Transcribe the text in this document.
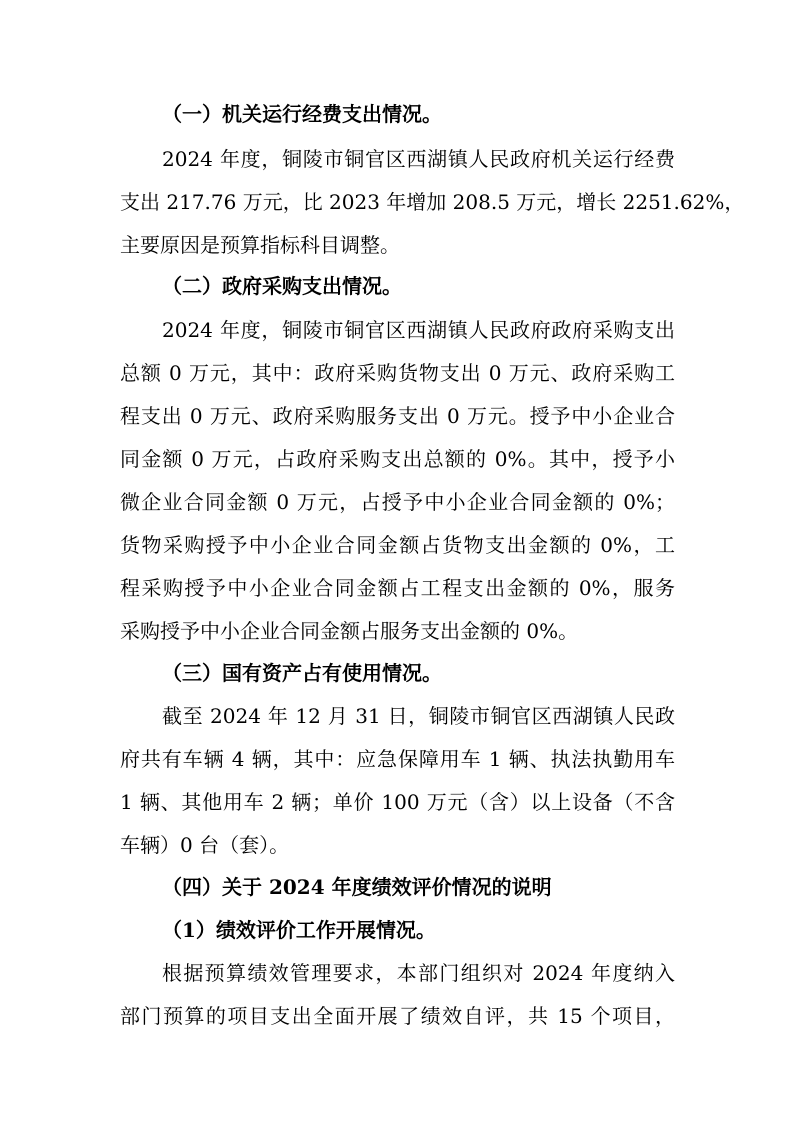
（一）机关运行经费支出情况。
2024 年度，铜陵市铜官区西湖镇人民政府机关运行经费
支出 217.76 万元，比 2023 年增加 208.5 万元，增长 2251.62%，
主要原因是预算指标科目调整。
（二）政府采购支出情况。
2024 年度，铜陵市铜官区西湖镇人民政府政府采购支出
总额 0 万元，其中：政府采购货物支出 0 万元、政府采购工
程支出 0 万元、政府采购服务支出 0 万元。授予中小企业合
同金额 0 万元，占政府采购支出总额的 0%。其中，授予小
微企业合同金额 0 万元，占授予中小企业合同金额的 0%；
货物采购授予中小企业合同金额占货物支出金额的 0%，工
程采购授予中小企业合同金额占工程支出金额的 0%，服务
采购授予中小企业合同金额占服务支出金额的 0%。
（三）国有资产占有使用情况。
截至 2024 年 12 月 31 日，铜陵市铜官区西湖镇人民政
府共有车辆 4 辆，其中：应急保障用车 1 辆、执法执勤用车
1 辆、其他用车 2 辆；单价 100 万元（含）以上设备（不含
车辆）0 台（套）。
（四）关于 2024 年度绩效评价情况的说明
（1）绩效评价工作开展情况。
根据预算绩效管理要求，本部门组织对 2024 年度纳入
部门预算的项目支出全面开展了绩效自评，共 15 个项目，
